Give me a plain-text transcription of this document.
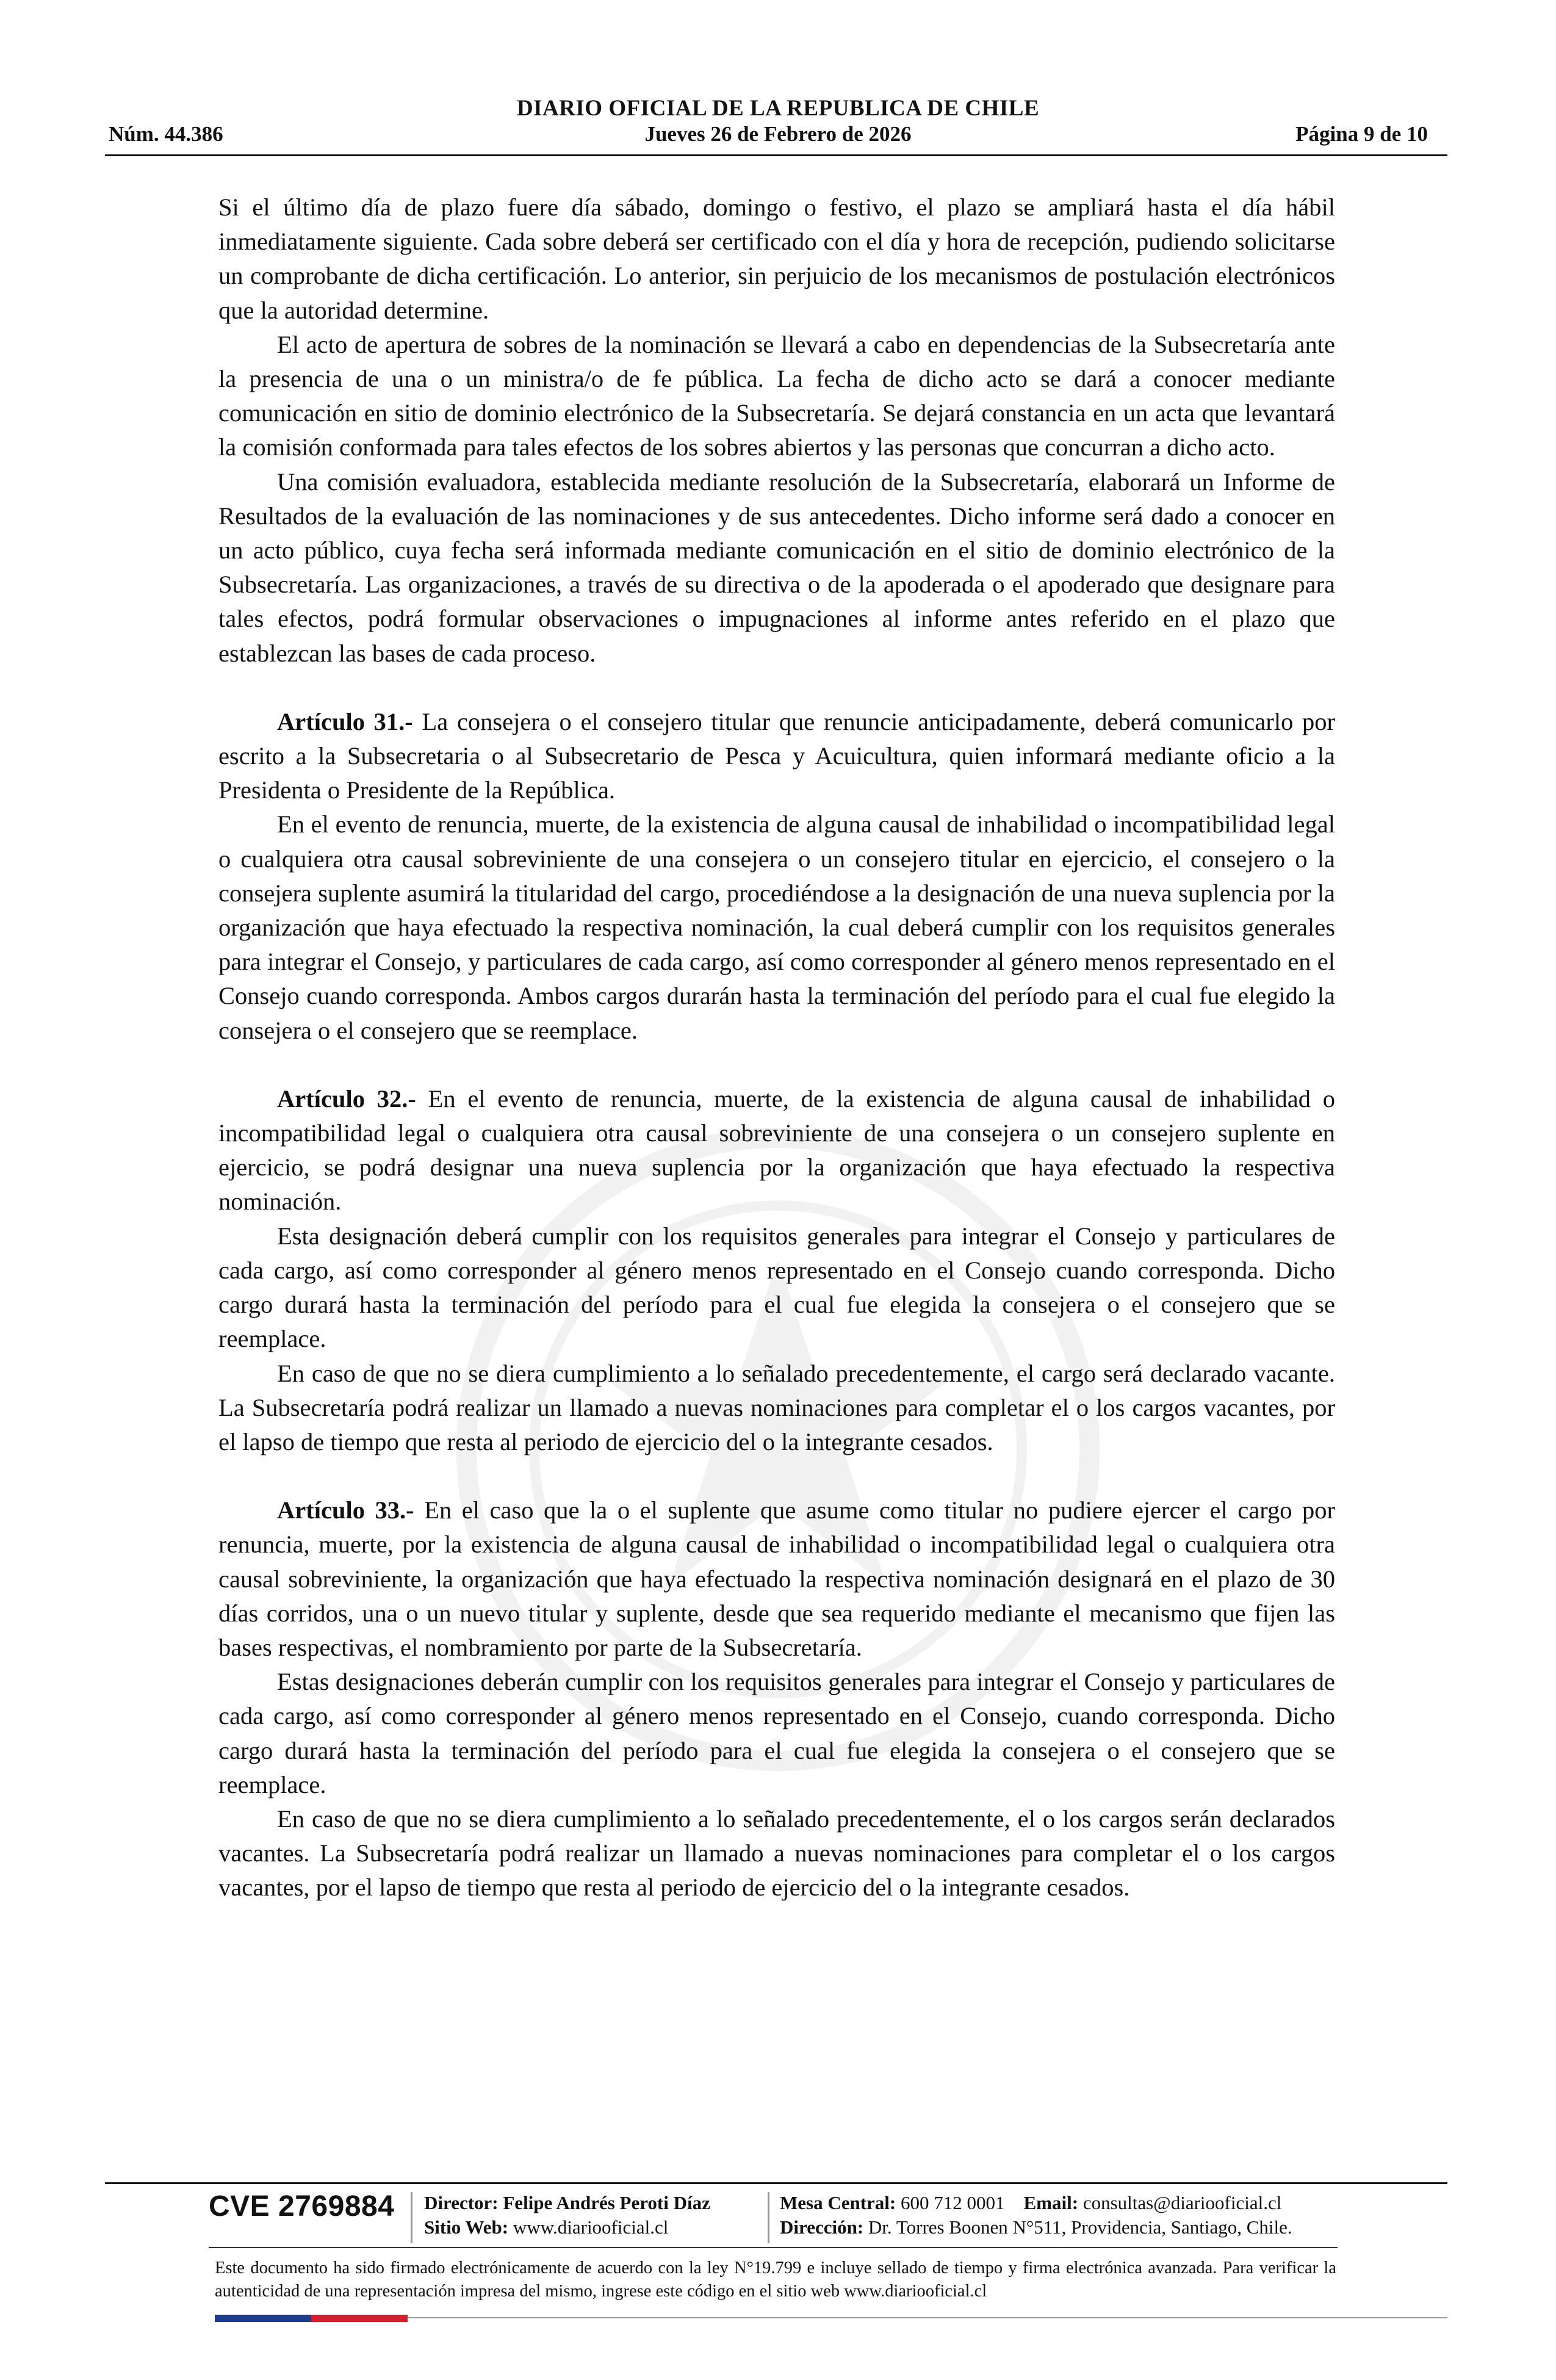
DIARIO OFICIAL DE LA REPUBLICA DE CHILE
Núm. 44.386	Jueves 26 de Febrero de 2026	Página 9 de 10

Si el último día de plazo fuere día sábado, domingo o festivo, el plazo se ampliará hasta el día hábil inmediatamente siguiente. Cada sobre deberá ser certificado con el día y hora de recepción, pudiendo solicitarse un comprobante de dicha certificación. Lo anterior, sin perjuicio de los mecanismos de postulación electrónicos que la autoridad determine.

El acto de apertura de sobres de la nominación se llevará a cabo en dependencias de la Subsecretaría ante la presencia de una o un ministra/o de fe pública. La fecha de dicho acto se dará a conocer mediante comunicación en sitio de dominio electrónico de la Subsecretaría. Se dejará constancia en un acta que levantará la comisión conformada para tales efectos de los sobres abiertos y las personas que concurran a dicho acto.

Una comisión evaluadora, establecida mediante resolución de la Subsecretaría, elaborará un Informe de Resultados de la evaluación de las nominaciones y de sus antecedentes. Dicho informe será dado a conocer en un acto público, cuya fecha será informada mediante comunicación en el sitio de dominio electrónico de la Subsecretaría. Las organizaciones, a través de su directiva o de la apoderada o el apoderado que designare para tales efectos, podrá formular observaciones o impugnaciones al informe antes referido en el plazo que establezcan las bases de cada proceso.

Artículo 31.- La consejera o el consejero titular que renuncie anticipadamente, deberá comunicarlo por escrito a la Subsecretaria o al Subsecretario de Pesca y Acuicultura, quien informará mediante oficio a la Presidenta o Presidente de la República.

En el evento de renuncia, muerte, de la existencia de alguna causal de inhabilidad o incompatibilidad legal o cualquiera otra causal sobreviniente de una consejera o un consejero titular en ejercicio, el consejero o la consejera suplente asumirá la titularidad del cargo, procediéndose a la designación de una nueva suplencia por la organización que haya efectuado la respectiva nominación, la cual deberá cumplir con los requisitos generales para integrar el Consejo, y particulares de cada cargo, así como corresponder al género menos representado en el Consejo cuando corresponda. Ambos cargos durarán hasta la terminación del período para el cual fue elegido la consejera o el consejero que se reemplace.

Artículo 32.- En el evento de renuncia, muerte, de la existencia de alguna causal de inhabilidad o incompatibilidad legal o cualquiera otra causal sobreviniente de una consejera o un consejero suplente en ejercicio, se podrá designar una nueva suplencia por la organización que haya efectuado la respectiva nominación.

Esta designación deberá cumplir con los requisitos generales para integrar el Consejo y particulares de cada cargo, así como corresponder al género menos representado en el Consejo cuando corresponda. Dicho cargo durará hasta la terminación del período para el cual fue elegida la consejera o el consejero que se reemplace.

En caso de que no se diera cumplimiento a lo señalado precedentemente, el cargo será declarado vacante. La Subsecretaría podrá realizar un llamado a nuevas nominaciones para completar el o los cargos vacantes, por el lapso de tiempo que resta al periodo de ejercicio del o la integrante cesados.

Artículo 33.- En el caso que la o el suplente que asume como titular no pudiere ejercer el cargo por renuncia, muerte, por la existencia de alguna causal de inhabilidad o incompatibilidad legal o cualquiera otra causal sobreviniente, la organización que haya efectuado la respectiva nominación designará en el plazo de 30 días corridos, una o un nuevo titular y suplente, desde que sea requerido mediante el mecanismo que fijen las bases respectivas, el nombramiento por parte de la Subsecretaría.

Estas designaciones deberán cumplir con los requisitos generales para integrar el Consejo y particulares de cada cargo, así como corresponder al género menos representado en el Consejo, cuando corresponda. Dicho cargo durará hasta la terminación del período para el cual fue elegida la consejera o el consejero que se reemplace.

En caso de que no se diera cumplimiento a lo señalado precedentemente, el o los cargos serán declarados vacantes. La Subsecretaría podrá realizar un llamado a nuevas nominaciones para completar el o los cargos vacantes, por el lapso de tiempo que resta al periodo de ejercicio del o la integrante cesados.

CVE 2769884 Director: Felipe Andrés Peroti Díaz
Sitio Web: www.diariooficial.cl
Mesa Central: 600 712 0001 Email: consultas@diariooficial.cl
Dirección: Dr. Torres Boonen N°511, Providencia, Santiago, Chile.
Este documento ha sido firmado electrónicamente de acuerdo con la ley N°19.799 e incluye sellado de tiempo y firma electrónica avanzada. Para verificar la autenticidad de una representación impresa del mismo, ingrese este código en el sitio web www.diariooficial.cl
